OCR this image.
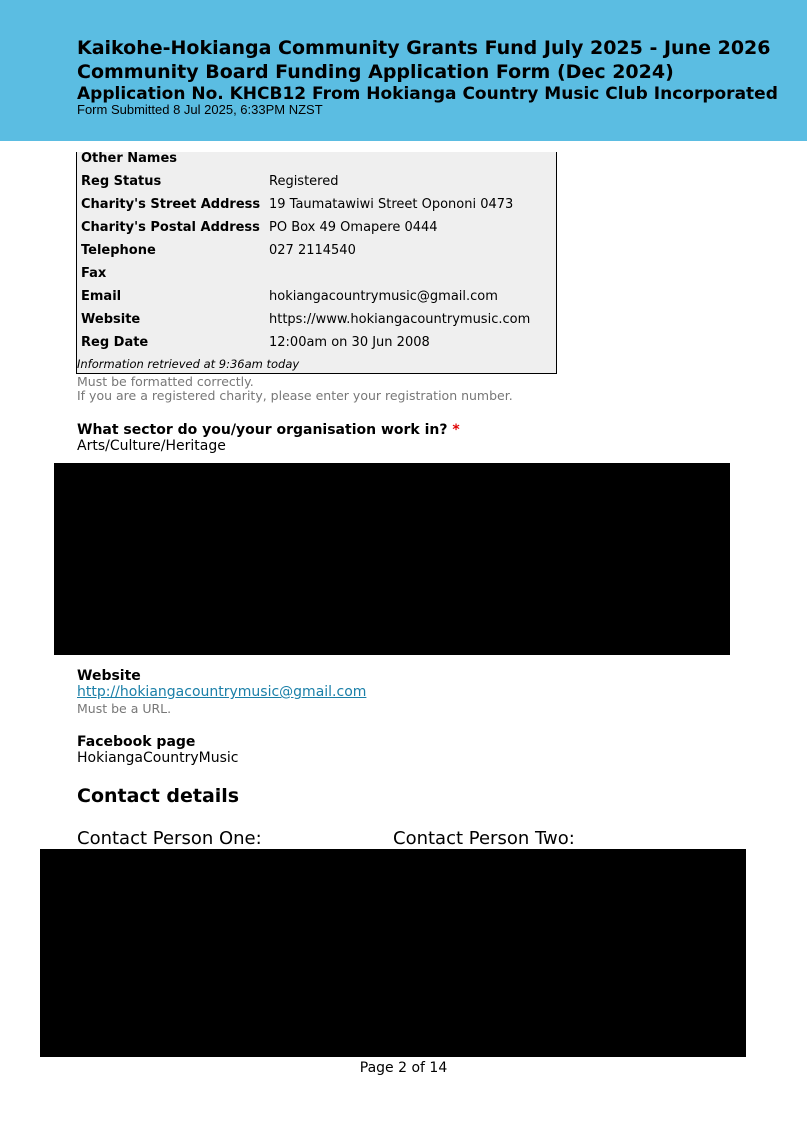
Kaikohe-Hokianga Community Grants Fund July 2025 - June 2026
Community Board Funding Application Form (Dec 2024)
Application No. KHCB12 From Hokianga Country Music Club Incorporated
Form Submitted 8 Jul 2025, 6:33PM NZST
Other Names
Reg Status	Registered
Charity's Street Address 19 Taumatawiwi Street Opononi 0473
Charity's Postal Address PO Box 49 Omapere 0444
Telephone	027 2114540
Fax
Email	hokiangacountrymusic@gmail.com
Website	https://www.hokiangacountrymusic.com
Reg Date	12:00am on 30 Jun 2008
Information retrieved at 9:36am today
Must be formatted correctly.
If you are a registered charity, please enter your registration number.
What sector do you/your organisation work in? *
Arts/Culture/Heritage
Website
http://hokiangacountrymusic@gmail.com
Must be a URL.
Facebook page
HokiangaCountryMusic
Contact details
Contact Person One:	Contact Person Two:
Page 2 of 14
